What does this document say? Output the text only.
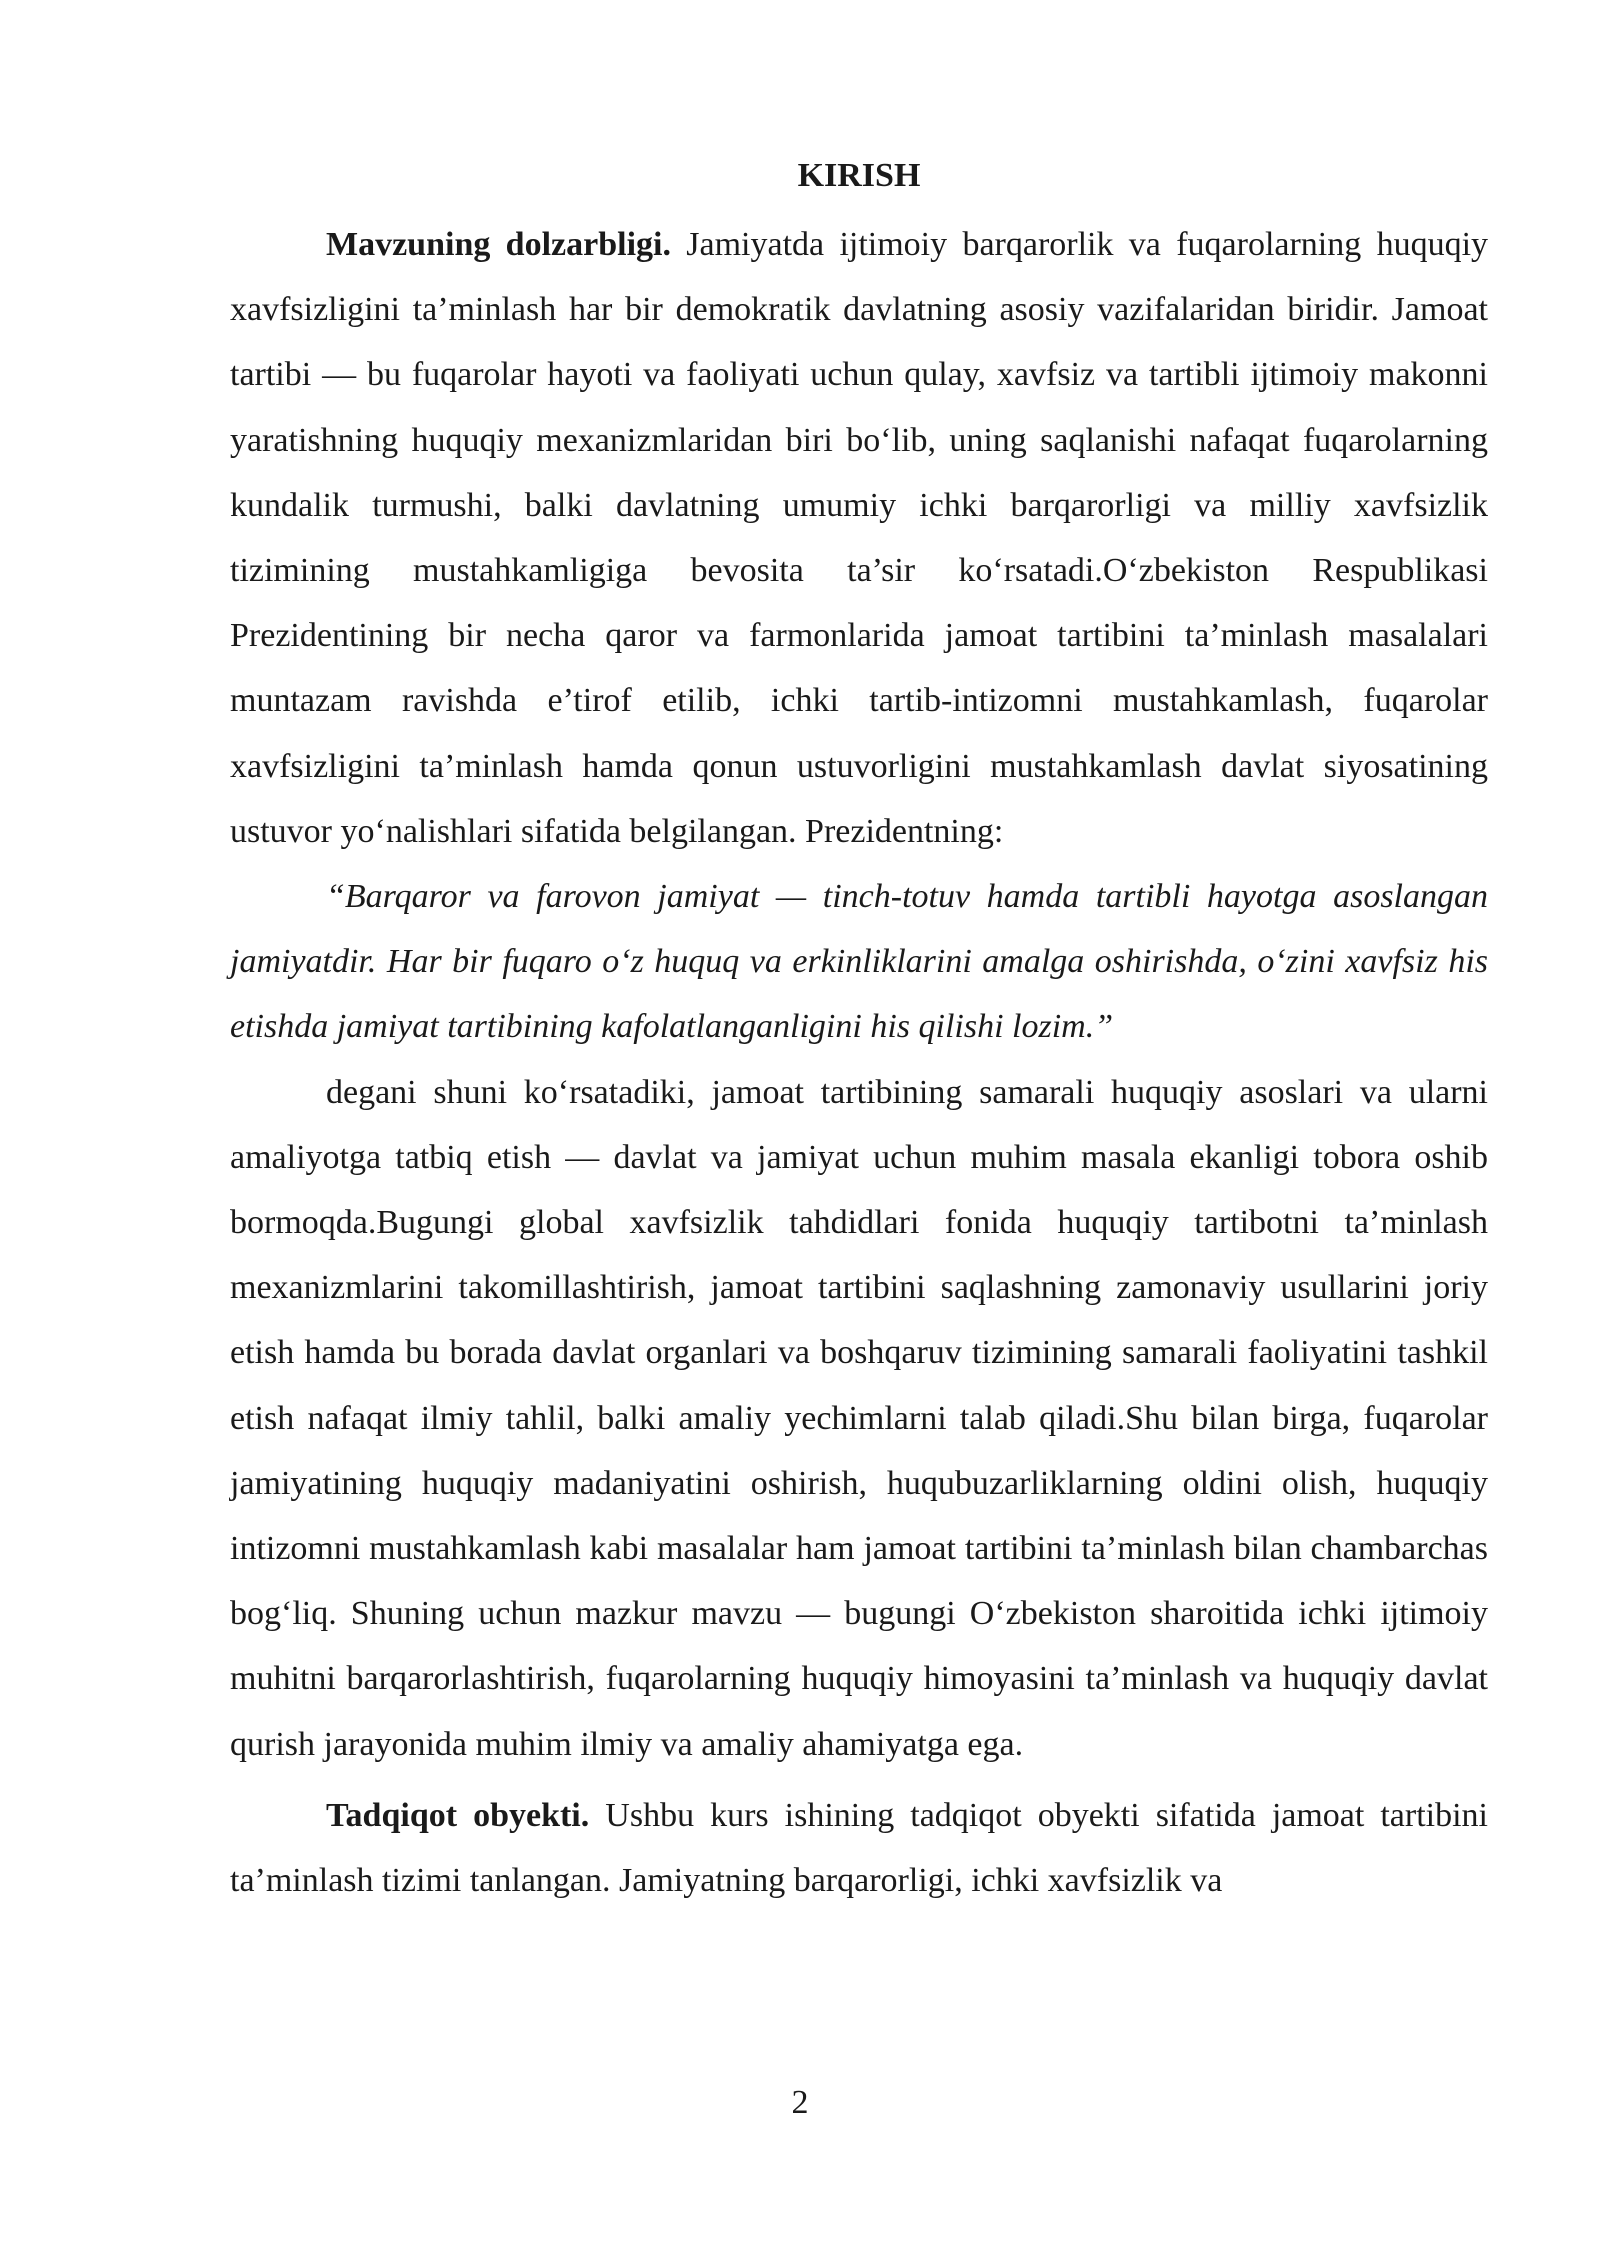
KIRISH

Mavzuning dolzarbligi. Jamiyatda ijtimoiy barqarorlik va fuqarolarning huquqiy xavfsizligini ta’minlash har bir demokratik davlatning asosiy vazifalaridan biridir. Jamoat tartibi — bu fuqarolar hayoti va faoliyati uchun qulay, xavfsiz va tartibli ijtimoiy makonni yaratishning huquqiy mexanizmlaridan biri bo‘lib, uning saqlanishi nafaqat fuqarolarning kundalik turmushi, balki davlatning umumiy ichki barqarorligi va milliy xavfsizlik tizimining mustahkamligiga bevosita ta’sir ko‘rsatadi.O‘zbekiston Respublikasi Prezidentining bir necha qaror va farmonlarida jamoat tartibini ta’minlash masalalari muntazam ravishda e’tirof etilib, ichki tartib-intizomni mustahkamlash, fuqarolar xavfsizligini ta’minlash hamda qonun ustuvorligini mustahkamlash davlat siyosatining ustuvor yo‘nalishlari sifatida belgilangan. Prezidentning:

“Barqaror va farovon jamiyat — tinch-totuv hamda tartibli hayotga asoslangan jamiyatdir. Har bir fuqaro o‘z huquq va erkinliklarini amalga oshirishda, o‘zini xavfsiz his etishda jamiyat tartibining kafolatlanganligini his qilishi lozim.”

degani shuni ko‘rsatadiki, jamoat tartibining samarali huquqiy asoslari va ularni amaliyotga tatbiq etish — davlat va jamiyat uchun muhim masala ekanligi tobora oshib bormoqda.Bugungi global xavfsizlik tahdidlari fonida huquqiy tartibotni ta’minlash mexanizmlarini takomillashtirish, jamoat tartibini saqlashning zamonaviy usullarini joriy etish hamda bu borada davlat organlari va boshqaruv tizimining samarali faoliyatini tashkil etish nafaqat ilmiy tahlil, balki amaliy yechimlarni talab qiladi.Shu bilan birga, fuqarolar jamiyatining huquqiy madaniyatini oshirish, huqubuzarliklarning oldini olish, huquqiy intizomni mustahkamlash kabi masalalar ham jamoat tartibini ta’minlash bilan chambarchas bog‘liq. Shuning uchun mazkur mavzu — bugungi O‘zbekiston sharoitida ichki ijtimoiy muhitni barqarorlashtirish, fuqarolarning huquqiy himoyasini ta’minlash va huquqiy davlat qurish jarayonida muhim ilmiy va amaliy ahamiyatga ega.

Tadqiqot obyekti. Ushbu kurs ishining tadqiqot obyekti sifatida jamoat tartibini ta’minlash tizimi tanlangan. Jamiyatning barqarorligi, ichki xavfsizlik va

2
